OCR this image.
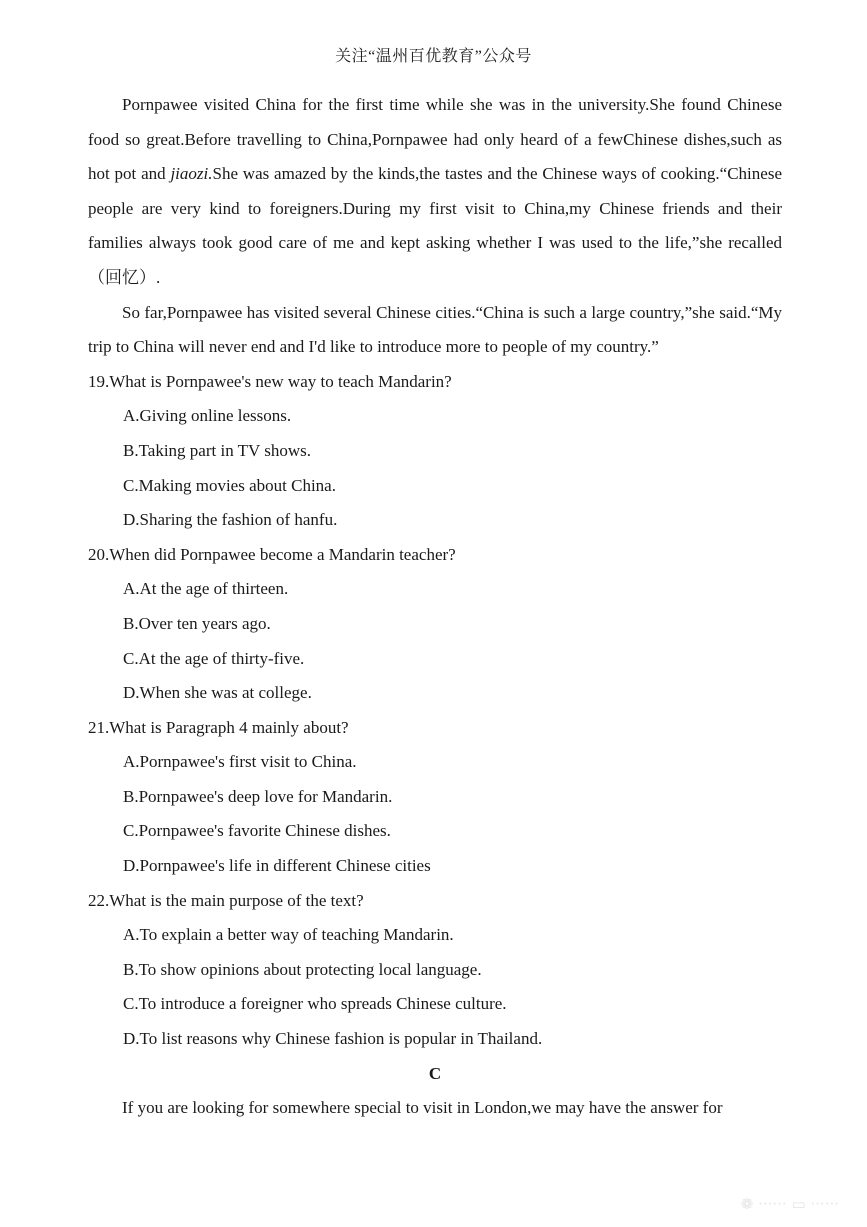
关注“温州百优教育”公众号

Pornpawee visited China for the first time while she was in the university.She found Chinese food so great.Before travelling to China,Pornpawee had only heard of a fewChinese dishes,such as hot pot and jiaozi.She was amazed by the kinds,the tastes and the Chinese ways of cooking.“Chinese people are very kind to foreigners.During my first visit to China,my Chinese friends and their families always took good care of me and kept asking whether I was used to the life,”she recalled（回忆）.

So far,Pornpawee has visited several Chinese cities.“China is such a large country,”she said.“My trip to China will never end and I'd like to introduce more to people of my country.”

19.What is Pornpawee's new way to teach Mandarin?

A.Giving online lessons.

B.Taking part in TV shows.

C.Making movies about China.

D.Sharing the fashion of hanfu.

20.When did Pornpawee become a Mandarin teacher?

A.At the age of thirteen.

B.Over ten years ago.

C.At the age of thirty-five.

D.When she was at college.

21.What is Paragraph 4 mainly about?

A.Pornpawee's first visit to China.

B.Pornpawee's deep love for Mandarin.

C.Pornpawee's favorite Chinese dishes.

D.Pornpawee's life in different Chinese cities

22.What is the main purpose of the text?

A.To explain a better way of teaching Mandarin.

B.To show opinions about protecting local language.

C.To introduce a foreigner who spreads Chinese culture.

D.To list reasons why Chinese fashion is popular in Thailand.

C

If you are looking for somewhere special to visit in London,we may have the answer for

❁ ······ ▭ ······
